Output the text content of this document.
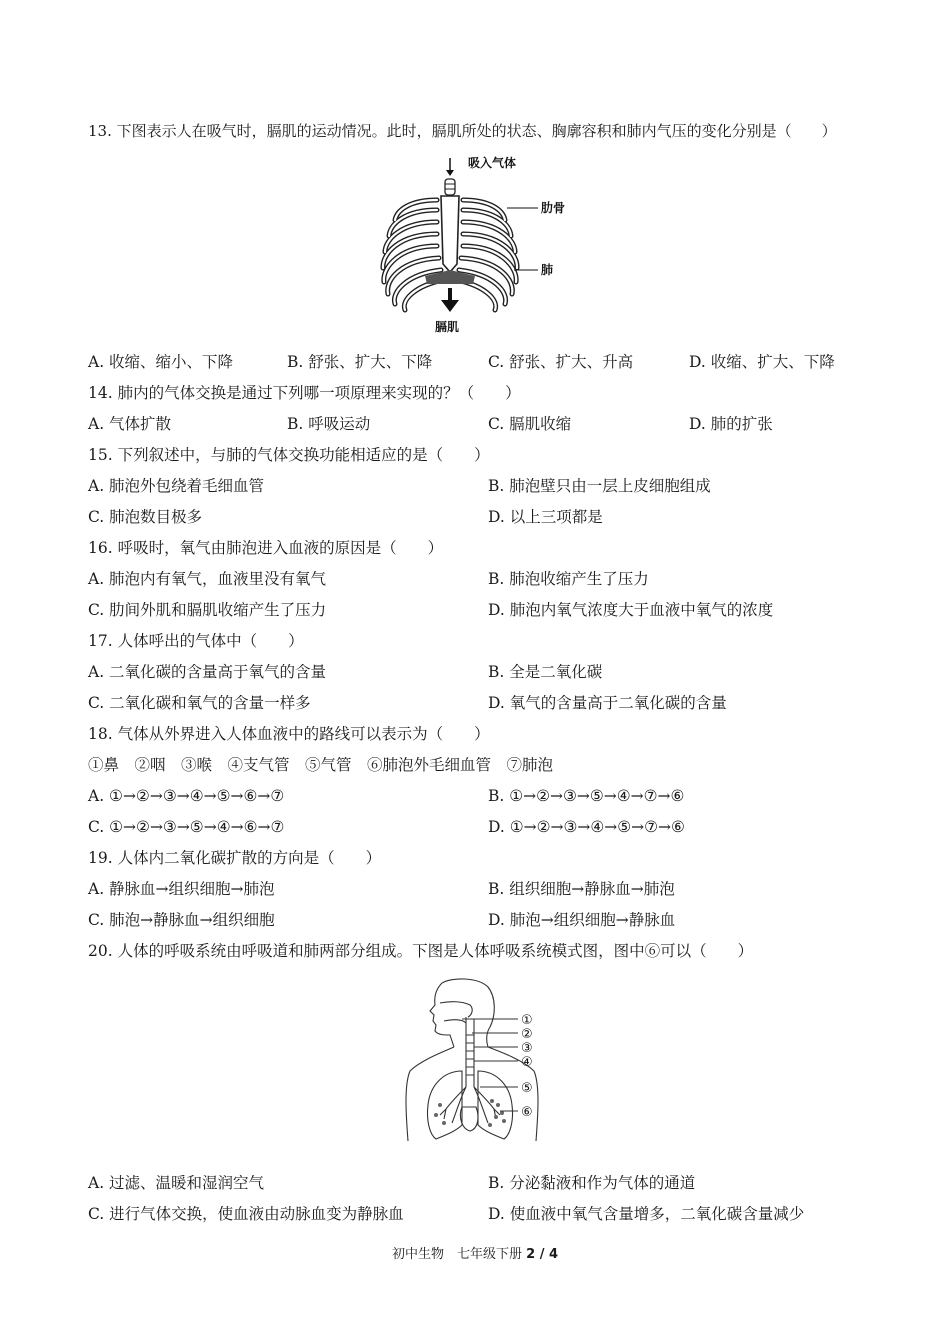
13. 下图表示人在吸气时，膈肌的运动情况。此时，膈肌所处的状态、胸廓容积和肺内气压的变化分别是（　　）
吸入气体
肋骨
肺
膈肌
A. 收缩、缩小、下降	B. 舒张、扩大、下降	C. 舒张、扩大、升高	D. 收缩、扩大、下降
14. 肺内的气体交换是通过下列哪一项原理来实现的？（　　）
A. 气体扩散	B. 呼吸运动	C. 膈肌收缩	D. 肺的扩张
15. 下列叙述中，与肺的气体交换功能相适应的是（　　）
A. 肺泡外包绕着毛细血管	B. 肺泡壁只由一层上皮细胞组成
C. 肺泡数目极多	D. 以上三项都是
16. 呼吸时，氧气由肺泡进入血液的原因是（　　）
A. 肺泡内有氧气，血液里没有氧气	B. 肺泡收缩产生了压力
C. 肋间外肌和膈肌收缩产生了压力	D. 肺泡内氧气浓度大于血液中氧气的浓度
17. 人体呼出的气体中（　　）
A. 二氧化碳的含量高于氧气的含量	B. 全是二氧化碳
C. 二氧化碳和氧气的含量一样多	D. 氧气的含量高于二氧化碳的含量
18. 气体从外界进入人体血液中的路线可以表示为（　　）
①鼻　②咽　③喉　④支气管　⑤气管　⑥肺泡外毛细血管　⑦肺泡
A. ①→②→③→④→⑤→⑥→⑦	B. ①→②→③→⑤→④→⑦→⑥
C. ①→②→③→⑤→④→⑥→⑦	D. ①→②→③→④→⑤→⑦→⑥
19. 人体内二氧化碳扩散的方向是（　　）
A. 静脉血→组织细胞→肺泡	B. 组织细胞→静脉血→肺泡
C. 肺泡→静脉血→组织细胞	D. 肺泡→组织细胞→静脉血
20. 人体的呼吸系统由呼吸道和肺两部分组成。下图是人体呼吸系统模式图，图中⑥可以（　　）
①
②
③
④
⑤
⑥
A. 过滤、温暖和湿润空气	B. 分泌黏液和作为气体的通道
C. 进行气体交换，使血液由动脉血变为静脉血	D. 使血液中氧气含量增多，二氧化碳含量减少
初中生物　七年级下册 2 / 4
